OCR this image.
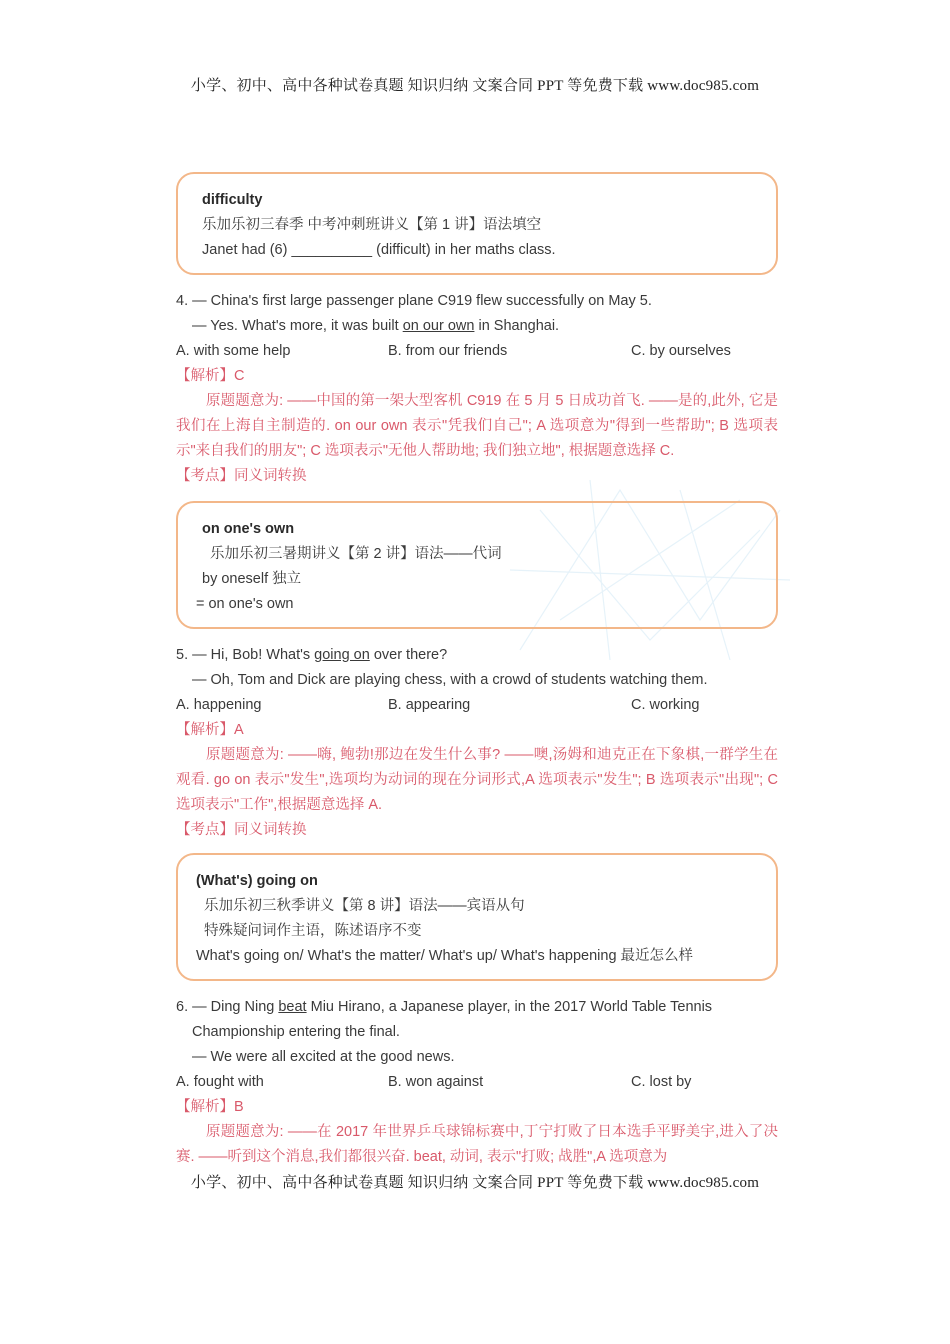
小学、初中、高中各种试卷真题 知识归纳 文案合同 PPT 等免费下载 www.doc985.com
difficulty
乐加乐初三春季 中考冲刺班讲义【第 1 讲】语法填空
Janet had (6) __________ (difficult) in her maths class.
4. — China's first large passenger plane C919 flew successfully on May 5.
— Yes. What's more, it was built on our own in Shanghai.
A. with some help	B. from our friends	C. by ourselves
【解析】C
原题题意为: ——中国的第一架大型客机 C919 在 5 月 5 日成功首飞. ——是的,此外, 它是我们在上海自主制造的. on our own 表示"凭我们自己"; A 选项意为"得到一些帮助"; B 选项表示"来自我们的朋友"; C 选项表示"无他人帮助地; 我们独立地", 根据题意选择 C.
【考点】同义词转换
on one's own
乐加乐初三暑期讲义【第 2 讲】语法——代词
by oneself 独立
= on one's own
5. — Hi, Bob! What's going on over there?
— Oh, Tom and Dick are playing chess, with a crowd of students watching them.
A. happening	B. appearing	C. working
【解析】A
原题题意为: ——嗨, 鲍勃!那边在发生什么事? ——噢,汤姆和迪克正在下象棋,一群学生在观看. go on 表示"发生",选项均为动词的现在分词形式,A 选项表示"发生"; B 选项表示"出现"; C 选项表示"工作",根据题意选择 A.
【考点】同义词转换
(What's) going on
乐加乐初三秋季讲义【第 8 讲】语法——宾语从句
特殊疑问词作主语，陈述语序不变
What's going on/ What's the matter/ What's up/ What's happening 最近怎么样
6. — Ding Ning beat Miu Hirano, a Japanese player, in the 2017 World Table Tennis
Championship entering the final.
— We were all excited at the good news.
A. fought with	B. won against	C. lost by
【解析】B
原题题意为: ——在 2017 年世界乒乓球锦标赛中,丁宁打败了日本选手平野美宇,进入了决赛. ——听到这个消息,我们都很兴奋. beat, 动词, 表示"打败; 战胜",A 选项意为
小学、初中、高中各种试卷真题 知识归纳 文案合同 PPT 等免费下载 www.doc985.com
